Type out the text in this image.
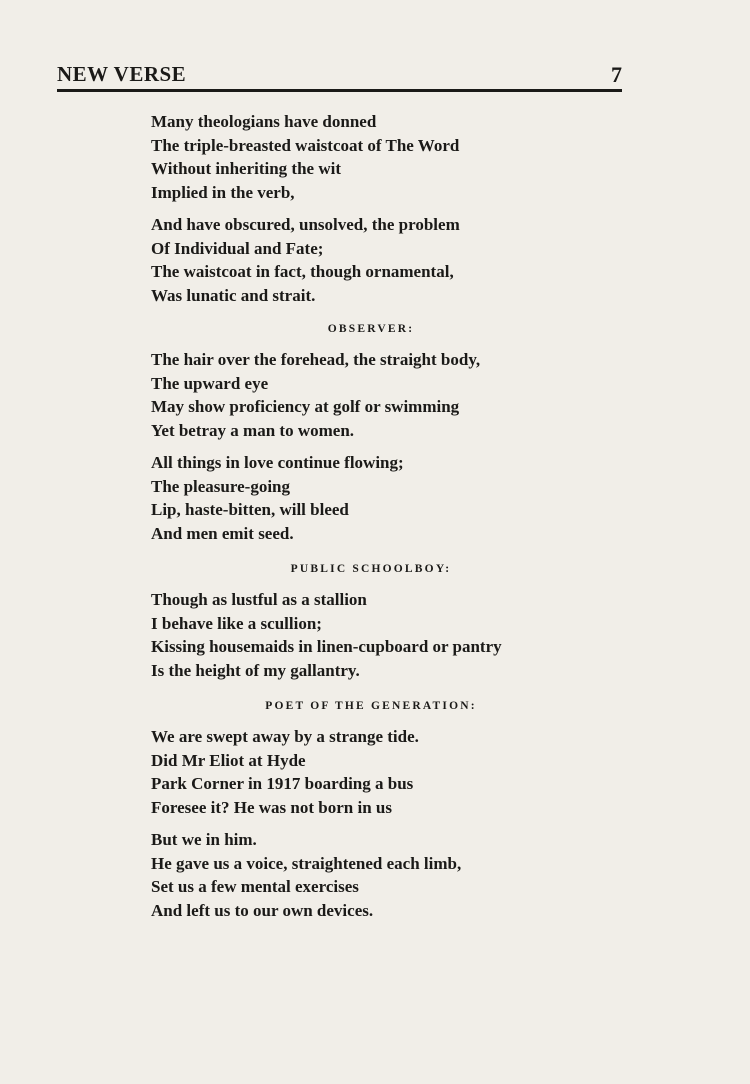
NEW VERSE	7
Many theologians have donned
The triple-breasted waistcoat of The Word
Without inheriting the wit
Implied in the verb,
And have obscured, unsolved, the problem
Of Individual and Fate;
The waistcoat in fact, though ornamental,
Was lunatic and strait.
OBSERVER:
The hair over the forehead, the straight body,
The upward eye
May show proficiency at golf or swimming
Yet betray a man to women.
All things in love continue flowing;
The pleasure-going
Lip, haste-bitten, will bleed
And men emit seed.
PUBLIC SCHOOLBOY:
Though as lustful as a stallion
I behave like a scullion;
Kissing housemaids in linen-cupboard or pantry
Is the height of my gallantry.
POET OF THE GENERATION:
We are swept away by a strange tide.
Did Mr Eliot at Hyde
Park Corner in 1917 boarding a bus
Foresee it? He was not born in us
But we in him.
He gave us a voice, straightened each limb,
Set us a few mental exercises
And left us to our own devices.
